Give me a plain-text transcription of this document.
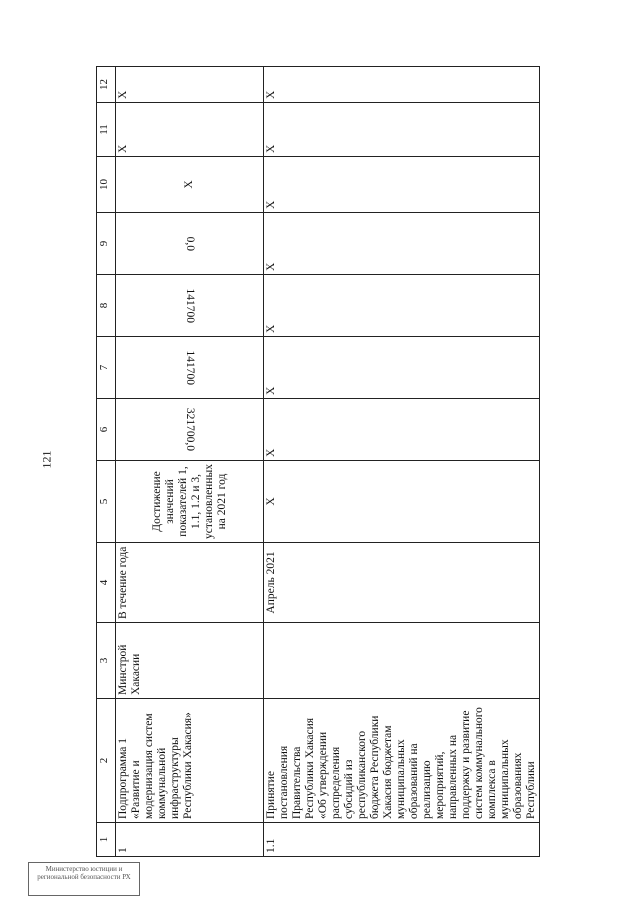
121
Министерство юстиции и региональной безопасности РХ
1	2	3	4	5	6	7	8	9	10	11	12
1	Подпрограмма 1 «Развитие и модернизация систем коммунальной инфраструктуры Республики Хакасия»	Минстрой Хакасии	В течение года	Достижение значений показателей 1, 1.1, 1.2 и 3, установленных на 2021 год	321700,0	141700	141700	0,0	X	X	X
1.1	Принятие постановления Правительства Республики Хакасия «Об утверждении распределения субсидий из республиканского бюджета Республики Хакасия бюджетам муниципальных образований на реализацию мероприятий, направленных на поддержку и развитие систем коммунального комплекса в муниципальных образованиях Республики		Апрель 2021	X	X	X	X	X	X	X	X
